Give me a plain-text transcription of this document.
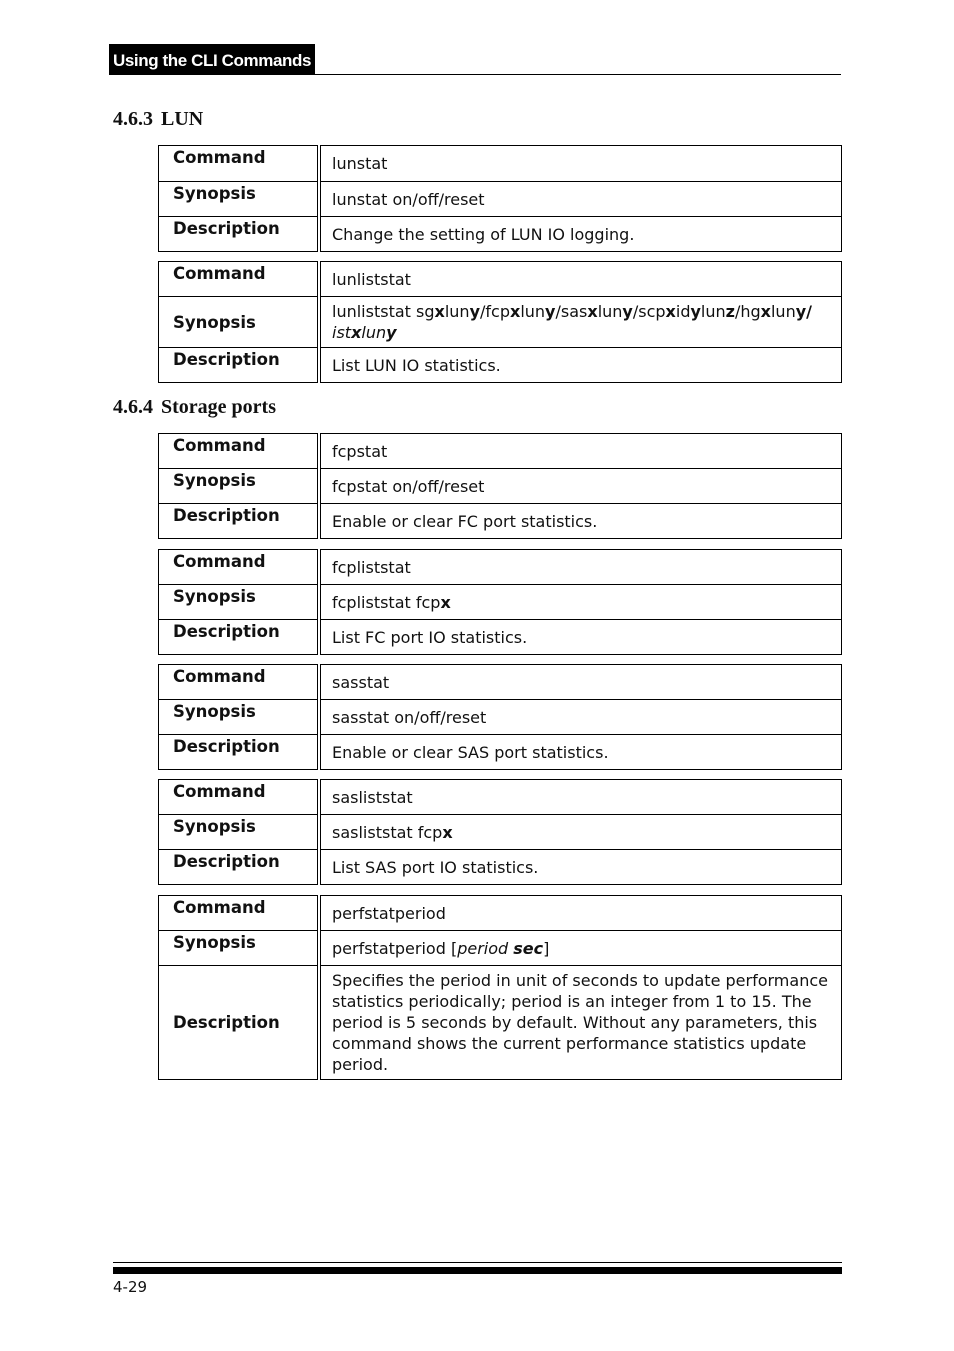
Using the CLI Commands
4.6.3 LUN
Command	lunstat
Synopsis	lunstat on/off/reset
Description	Change the setting of LUN IO logging.
Command	lunliststat
Synopsis	lunliststat sgxluny/fcpxluny/sasxluny/scpxidylunz/hgxluny/
istxluny
Description	List LUN IO statistics.
4.6.4 Storage ports
Command	fcpstat
Synopsis	fcpstat on/off/reset
Description	Enable or clear FC port statistics.
Command	fcpliststat
Synopsis	fcpliststat fcpx
Description	List FC port IO statistics.
Command	sasstat
Synopsis	sasstat on/off/reset
Description	Enable or clear SAS port statistics.
Command	sasliststat
Synopsis	sasliststat fcpx
Description	List SAS port IO statistics.
Command	perfstatperiod
Synopsis	perfstatperiod [period sec]
Description	Specifies the period in unit of seconds to update performance statistics periodically; period is an integer from 1 to 15. The period is 5 seconds by default. Without any parameters, this command shows the current performance statistics update period.
4-29
